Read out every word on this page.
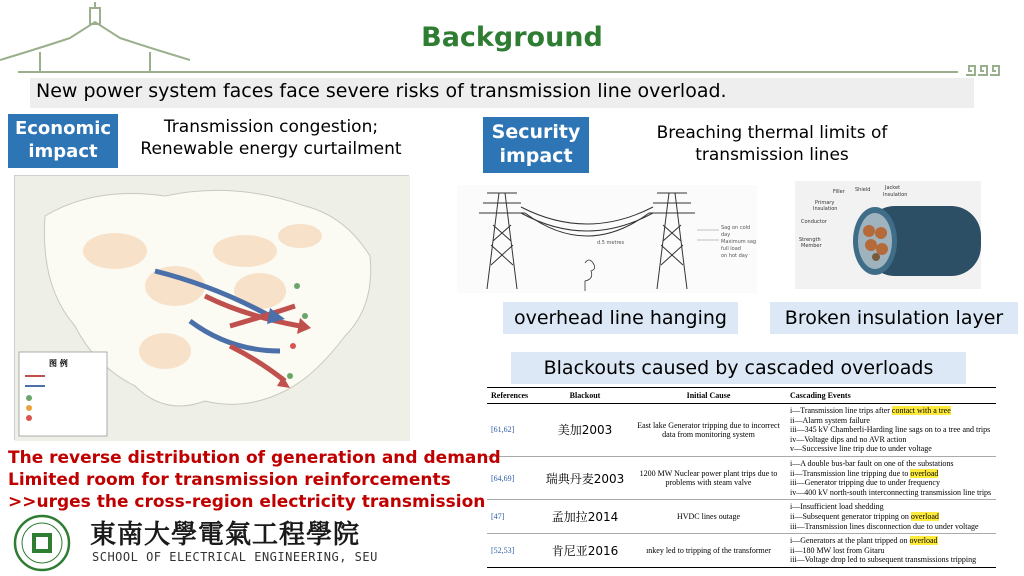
Background
New power system faces face severe risks of transmission line overload.
Economic
impact
Transmission congestion;
Renewable energy curtailment
图 例
Security
impact
Breaching thermal limits of
transmission lines
Sag on cold day
Maximum sag
full load
on hot day
d.5 metres
Filler Shield	Jacket
Insulation
Primary
Insulation
Conductor
Strength
Member
overhead line hanging	Broken insulation layer
Blackouts caused by cascaded overloads
References	Blackout	Initial Cause	Cascading Events
[61,62]	美加2003	East lake Generator tripping due to incorrect data from monitoring system	i—Transmission line trips after contact with a tree
ii—Alarm system failure
iii—345 kV Chamberli-Harding line sags on to a tree and trips
iv—Voltage dips and no AVR action
v—Successive line trip due to under voltage

[64,69]	瑞典丹麦2003	1200 MW Nuclear power plant trips due to problems with steam valve	i—A double bus-bar fault on one of the substations
ii—Transmission line tripping due to overload
iii—Generator tripping due to under frequency
iv—400 kV north-south interconnecting transmission line trips

[47]	孟加拉2014	HVDC lines outage	i—Insufficient load shedding
ii—Subsequent generator tripping on overload
iii—Transmission lines disconnection due to under voltage

[52,53]	肯尼亚2016	ınkey led to tripping of the transformer	i—Generators at the plant tripped on overload
ii—180 MW lost from Gitaru
iii—Voltage drop led to subsequent transmissions tripping
The reverse distribution of generation and demand
Limited room for transmission reinforcements
>>urges the cross-region electricity transmission
東南大學電氣工程學院
SCHOOL OF ELECTRICAL ENGINEERING, SEU
